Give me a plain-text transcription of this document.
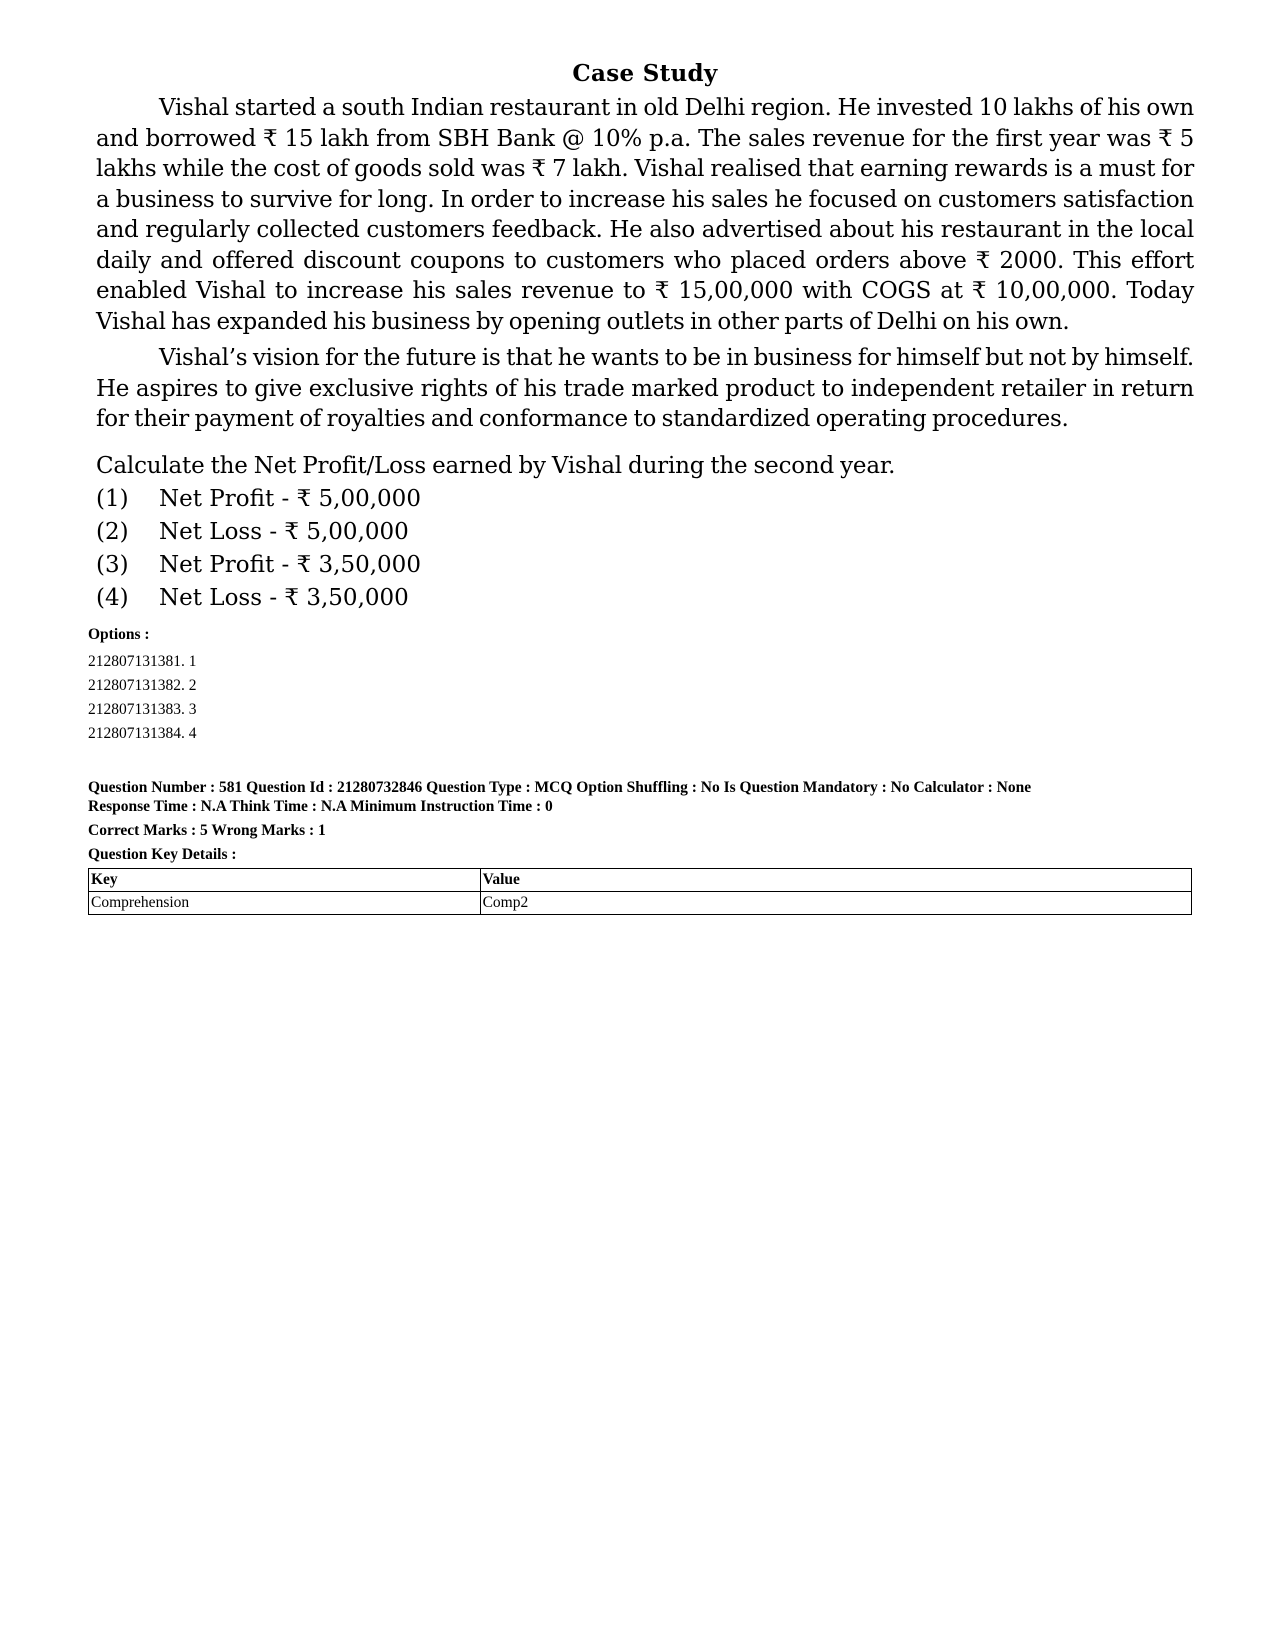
Case Study

Vishal started a south Indian restaurant in old Delhi region. He invested 10 lakhs of his own and borrowed ₹ 15 lakh from SBH Bank @ 10% p.a. The sales revenue for the first year was ₹ 5 lakhs while the cost of goods sold was ₹ 7 lakh. Vishal realised that earning rewards is a must for a business to survive for long. In order to increase his sales he focused on customers satisfaction and regularly collected customers feedback. He also advertised about his restaurant in the local daily and offered discount coupons to customers who placed orders above ₹ 2000. This effort enabled Vishal to increase his sales revenue to ₹ 15,00,000 with COGS at ₹ 10,00,000. Today Vishal has expanded his business by opening outlets in other parts of Delhi on his own.

Vishal’s vision for the future is that he wants to be in business for himself but not by himself. He aspires to give exclusive rights of his trade marked product to independent retailer in return for their payment of royalties and conformance to standardized operating procedures.

Calculate the Net Profit/Loss earned by Vishal during the second year.
(1)	Net Profit - ₹ 5,00,000
(2)	Net Loss - ₹ 5,00,000
(3)	Net Profit - ₹ 3,50,000
(4)	Net Loss - ₹ 3,50,000

Options :

212807131381. 1

212807131382. 2

212807131383. 3

212807131384. 4

Question Number : 581 Question Id : 21280732846 Question Type : MCQ Option Shuffling : No Is Question Mandatory : No Calculator : None
Response Time : N.A Think Time : N.A Minimum Instruction Time : 0

Correct Marks : 5 Wrong Marks : 1

Question Key Details :

Key	Value
Comprehension	Comp2
